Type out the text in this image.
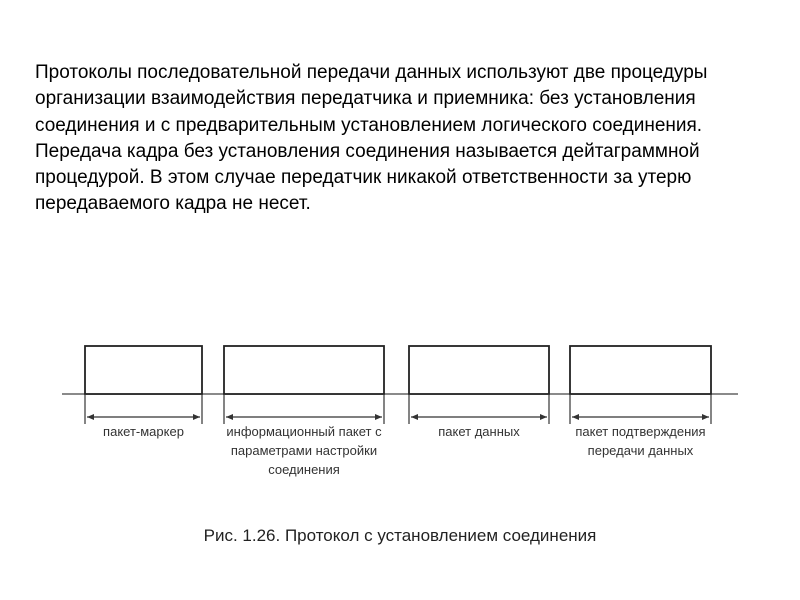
Протоколы последовательной передачи данных используют две процедуры организации взаимодействия передатчика и приемника: без установления соединения и с предварительным установлением логического соединения.

Передача кадра без установления соединения называется дейтаграммной процедурой. В этом случае передатчик никакой ответственности за утерю передаваемого кадра не несет.

пакет-маркер	информационный пакет с параметрами настройки соединения
пакет данных	пакет подтверждения передачи данных
Рис. 1.26. Протокол с установлением соединения
